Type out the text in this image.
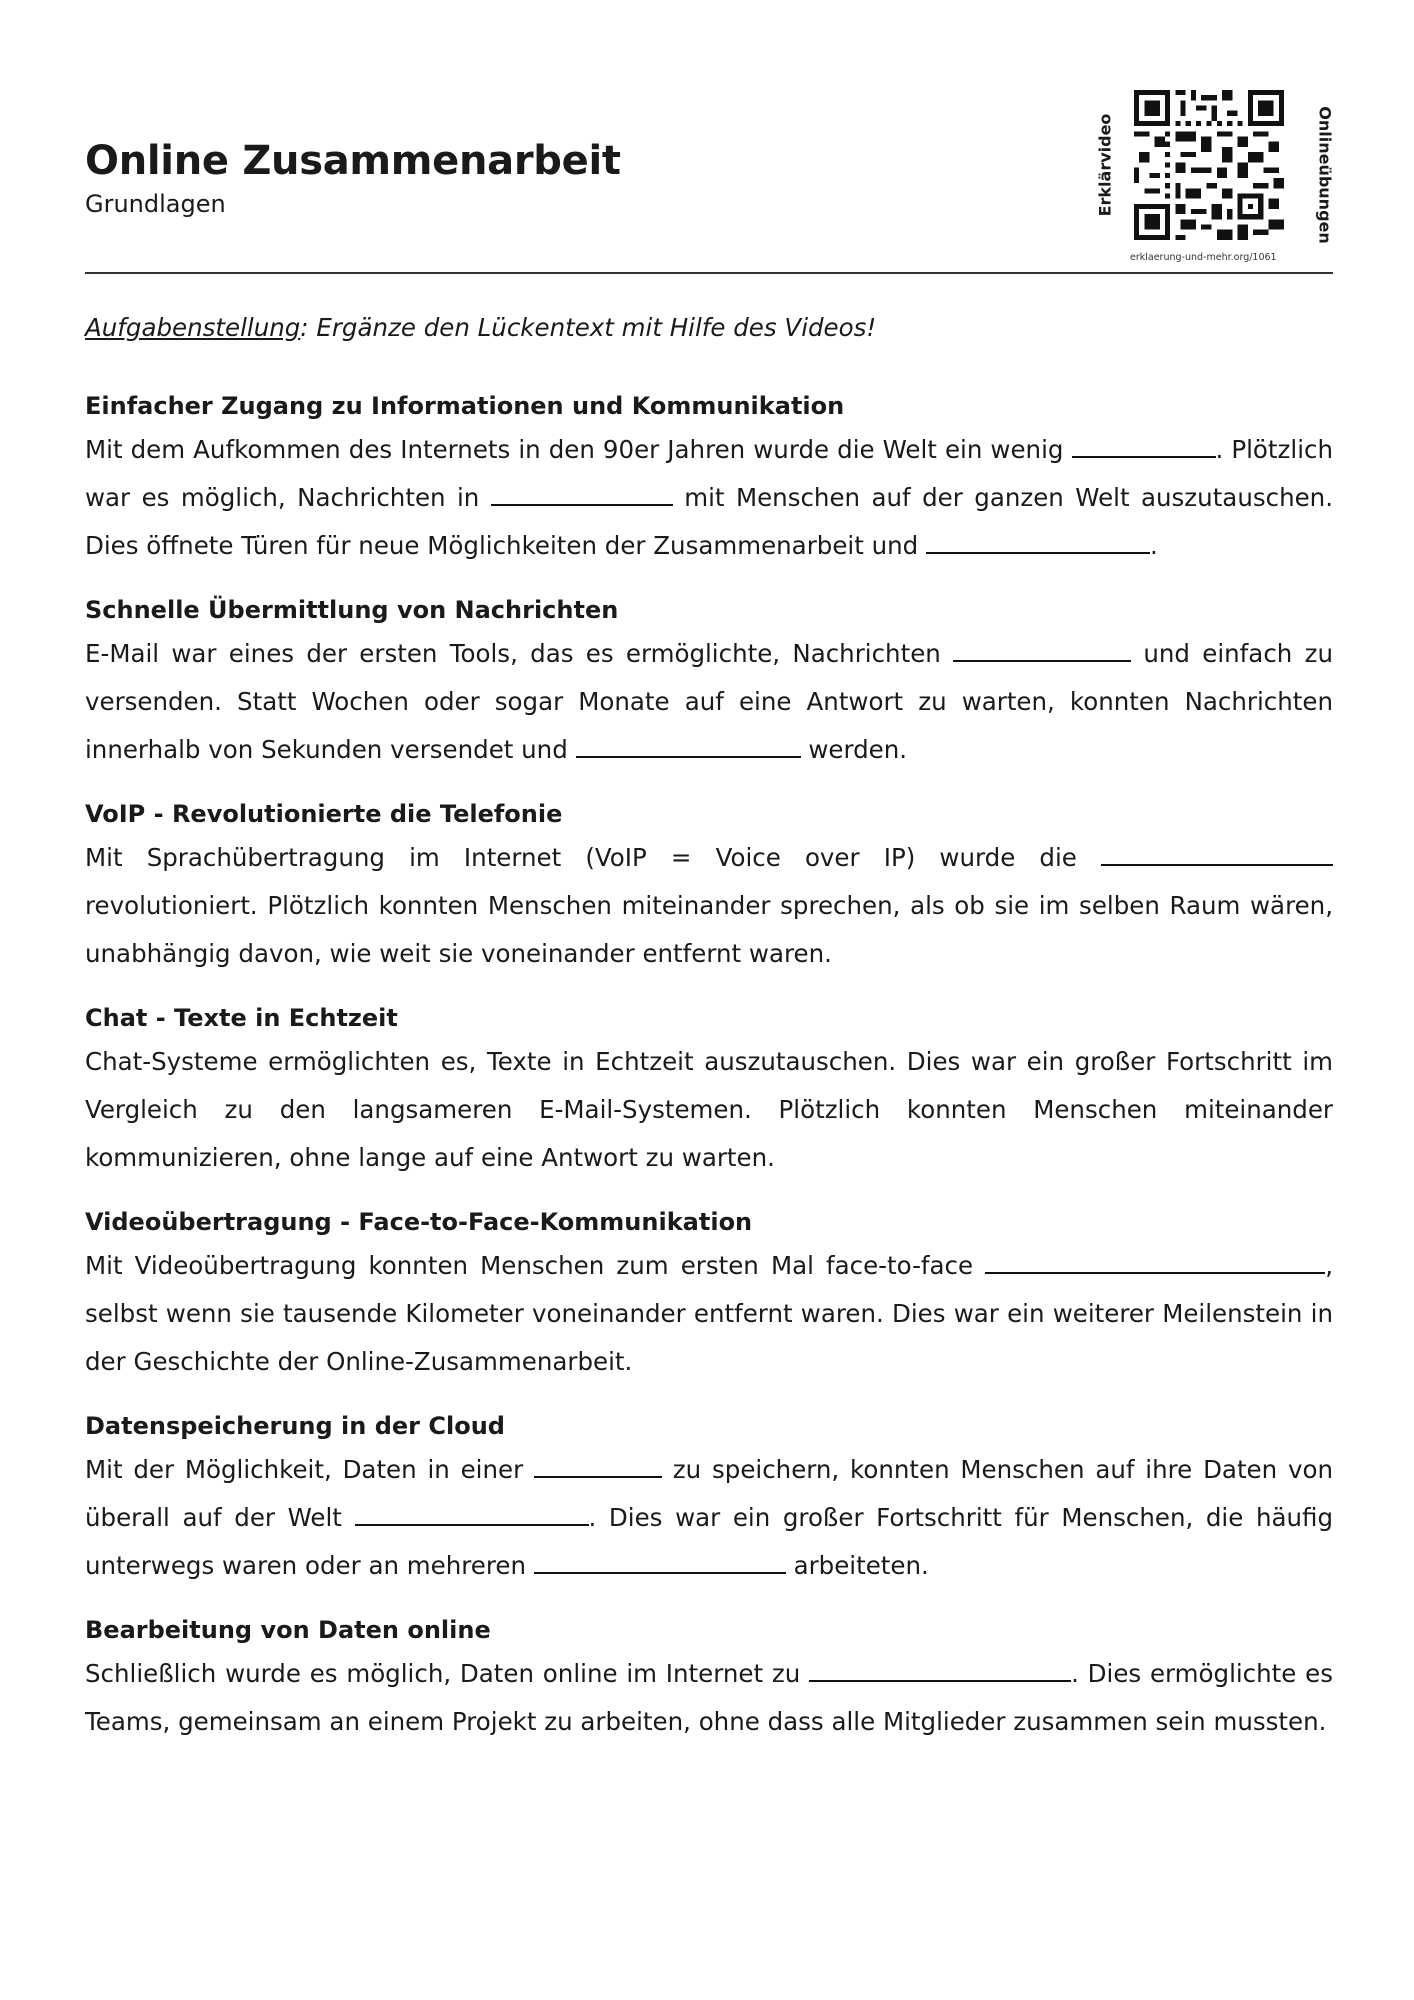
Online Zusammenarbeit
Grundlagen	Erklärvideo	Onlineübungen
erklaerung-und-mehr.org/1061

Aufgabenstellung: Ergänze den Lückentext mit Hilfe des Videos!

Einfacher Zugang zu Informationen und Kommunikation

Mit dem Aufkommen des Internets in den 90er Jahren wurde die Welt ein wenig	. Plötzlich war es möglich, Nachrichten in	mit Menschen auf der ganzen Welt auszutauschen. Dies öffnete Türen für neue Möglichkeiten der Zusammenarbeit und	.

Schnelle Übermittlung von Nachrichten

E-Mail war eines der ersten Tools, das es ermöglichte, Nachrichten	und einfach zu versenden. Statt Wochen oder sogar Monate auf eine Antwort zu warten, konnten Nachrichten innerhalb von Sekunden versendet und	werden.

VoIP - Revolutionierte die Telefonie

Mit Sprachübertragung im Internet (VoIP = Voice over IP) wurde die  revolutioniert. Plötzlich konnten Menschen miteinander sprechen, als ob sie im selben Raum wären, unabhängig davon, wie weit sie voneinander entfernt waren.

Chat - Texte in Echtzeit

Chat-Systeme ermöglichten es, Texte in Echtzeit auszutauschen. Dies war ein großer Fortschritt im Vergleich zu den langsameren E-Mail-Systemen. Plötzlich konnten Menschen miteinander kommunizieren, ohne lange auf eine Antwort zu warten.

Videoübertragung - Face-to-Face-Kommunikation

Mit Videoübertragung konnten Menschen zum ersten Mal face-to-face	, selbst wenn sie tausende Kilometer voneinander entfernt waren. Dies war ein weiterer Meilenstein in der Geschichte der Online-Zusammenarbeit.

Datenspeicherung in der Cloud

Mit der Möglichkeit, Daten in einer	zu speichern, konnten Menschen auf ihre Daten von überall auf der Welt	. Dies war ein großer Fortschritt für Menschen, die häufig unterwegs waren oder an mehreren	arbeiteten.

Bearbeitung von Daten online

Schließlich wurde es möglich, Daten online im Internet zu	. Dies ermöglichte es Teams, gemeinsam an einem Projekt zu arbeiten, ohne dass alle Mitglieder zusammen sein mussten.
